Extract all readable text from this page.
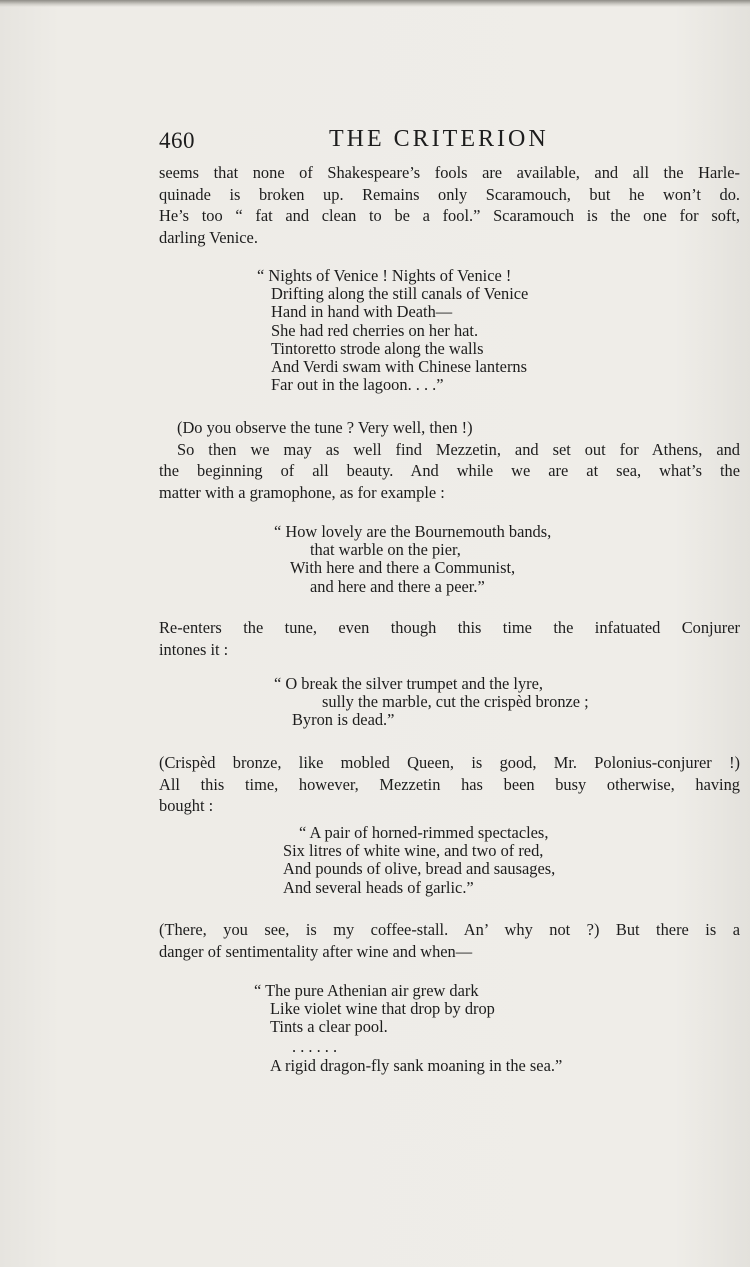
460	THE CRITERION
seems that none of Shakespeare’s fools are available, and all the Harle-
quinade is broken up. Remains only Scaramouch, but he won’t do.
He’s too “ fat and clean to be a fool.” Scaramouch is the one for soft,
darling Venice.
“ Nights of Venice ! Nights of Venice !
Drifting along the still canals of Venice
Hand in hand with Death—
She had red cherries on her hat.
Tintoretto strode along the walls
And Verdi swam with Chinese lanterns
Far out in the lagoon. . . .”
(Do you observe the tune ? Very well, then !)
So then we may as well find Mezzetin, and set out for Athens, and
the beginning of all beauty. And while we are at sea, what’s the
matter with a gramophone, as for example :
“ How lovely are the Bournemouth bands,
that warble on the pier,
With here and there a Communist,
and here and there a peer.”
Re-enters the tune, even though this time the infatuated Conjurer
intones it :
“ O break the silver trumpet and the lyre,
sully the marble, cut the crispèd bronze ;
Byron is dead.”
(Crispèd bronze, like mobled Queen, is good, Mr. Polonius-conjurer !)
All this time, however, Mezzetin has been busy otherwise, having
bought :
“ A pair of horned-rimmed spectacles,
Six litres of white wine, and two of red,
And pounds of olive, bread and sausages,
And several heads of garlic.”
(There, you see, is my coffee-stall. An’ why not ?) But there is a
danger of sentimentality after wine and when—
“ The pure Athenian air grew dark
Like violet wine that drop by drop
Tints a clear pool.
. . . . . .
A rigid dragon-fly sank moaning in the sea.”
